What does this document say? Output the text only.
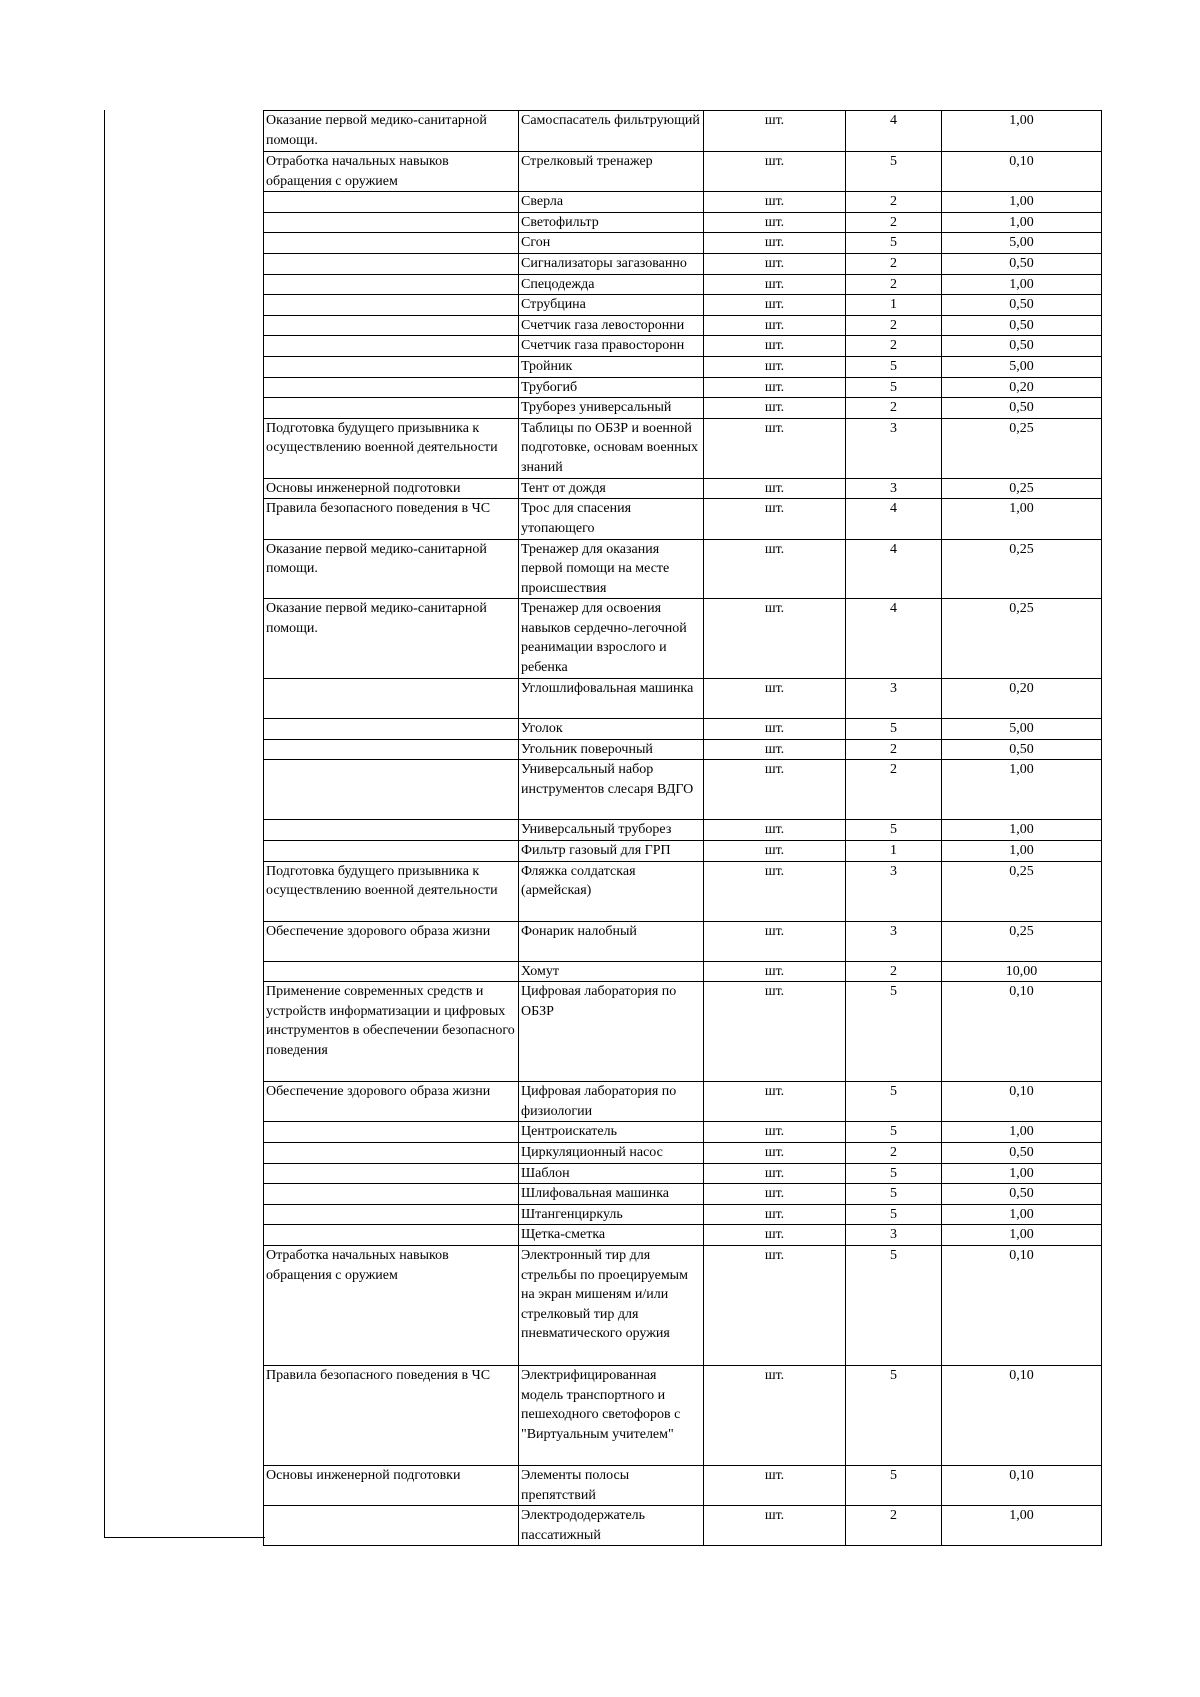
Оказание первой медико-санитарной помощи.	Самоспасатель фильтрующий	шт.	4	1,00
Отработка начальных навыков обращения с оружием	Стрелковый тренажер	шт.	5	0,10
	Сверла	шт.	2	1,00
	Светофильтр	шт.	2	1,00
	Сгон	шт.	5	5,00
	Сигнализаторы загазованно	шт.	2	0,50
	Спецодежда	шт.	2	1,00
	Струбцина	шт.	1	0,50
	Счетчик газа левосторонни	шт.	2	0,50
	Счетчик газа правосторонн	шт.	2	0,50
	Тройник	шт.	5	5,00
	Трубогиб	шт.	5	0,20
	Труборез универсальный	шт.	2	0,50
Подготовка будущего призывника к осуществлению военной деятельности	Таблицы по ОБЗР и военной подготовке, основам военных знаний	шт.	3	0,25
Основы инженерной подготовки	Тент от дождя	шт.	3	0,25
Правила безопасного поведения в ЧС	Трос для спасения утопающего	шт.	4	1,00
Оказание первой медико-санитарной помощи.	Тренажер для оказания первой помощи на месте происшествия	шт.	4	0,25
Оказание первой медико-санитарной помощи.	Тренажер для освоения навыков сердечно-легочной реанимации взрослого и ребенка	шт.	4	0,25
	Углошлифовальная машинка	шт.	3	0,20
	Уголок	шт.	5	5,00
	Угольник поверочный	шт.	2	0,50
	Универсальный набор инструментов слесаря ВДГО	шт.	2	1,00
	Универсальный труборез	шт.	5	1,00
	Фильтр газовый для ГРП	шт.	1	1,00
Подготовка будущего призывника к осуществлению военной деятельности	Фляжка солдатская (армейская)	шт.	3	0,25
Обеспечение здорового образа жизни	Фонарик налобный	шт.	3	0,25
	Хомут	шт.	2	10,00
Применение современных средств и устройств информатизации и цифровых инструментов в обеспечении безопасного поведения	Цифровая лаборатория по ОБЗР	шт.	5	0,10
Обеспечение здорового образа жизни	Цифровая лаборатория по физиологии	шт.	5	0,10
	Центроискатель	шт.	5	1,00
	Циркуляционный насос	шт.	2	0,50
	Шаблон	шт.	5	1,00
	Шлифовальная машинка	шт.	5	0,50
	Штангенциркуль	шт.	5	1,00
	Щетка-сметка	шт.	3	1,00
Отработка начальных навыков обращения с оружием	Электронный тир для стрельбы по проецируемым на экран мишеням и/или стрелковый тир для пневматического оружия	шт.	5	0,10
Правила безопасного поведения в ЧС	Электрифицированная модель транспортного и пешеходного светофоров с "Виртуальным учителем"	шт.	5	0,10
Основы инженерной подготовки	Элементы полосы препятствий	шт.	5	0,10
	Электрододержатель пассатижный	шт.	2	1,00
